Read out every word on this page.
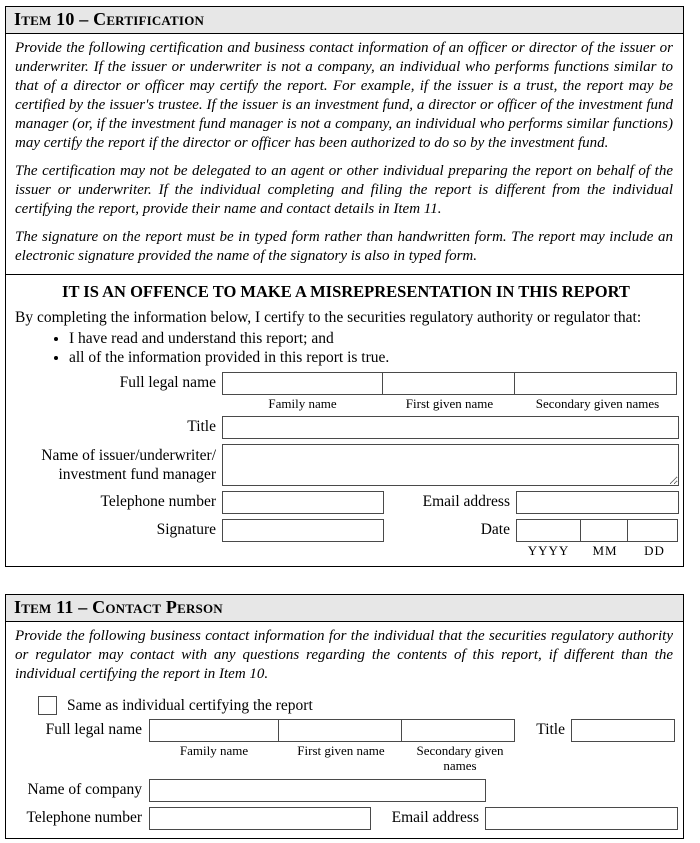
Item 10 – Certification

Provide the following certification and business contact information of an officer or director of the issuer or underwriter. If the issuer or underwriter is not a company, an individual who performs functions similar to that of a director or officer may certify the report. For example, if the issuer is a trust, the report may be certified by the issuer's trustee. If the issuer is an investment fund, a director or officer of the investment fund manager (or, if the investment fund manager is not a company, an individual who performs similar functions) may certify the report if the director or officer has been authorized to do so by the investment fund.

The certification may not be delegated to an agent or other individual preparing the report on behalf of the issuer or underwriter. If the individual completing and filing the report is different from the individual certifying the report, provide their name and contact details in Item 11.

The signature on the report must be in typed form rather than handwritten form. The report may include an electronic signature provided the name of the signatory is also in typed form.

IT IS AN OFFENCE TO MAKE A MISREPRESENTATION IN THIS REPORT
By completing the information below, I certify to the securities regulatory authority or regulator that:
• I have read and understand this report; and
• all of the information provided in this report is true.
Full legal name
Family name	First given name	Secondary given names
Title
Name of issuer/underwriter/
investment fund manager
Telephone number	Email address
Signature	Date
YYYY	MM	DD
Item 11 – Contact Person

Provide the following business contact information for the individual that the securities regulatory authority or regulator may contact with any questions regarding the contents of this report, if different than the individual certifying the report in Item 10.

Same as individual certifying the report
Full legal name
Family name	First given name	Secondary given names
Title
Name of company
Telephone number	Email address
